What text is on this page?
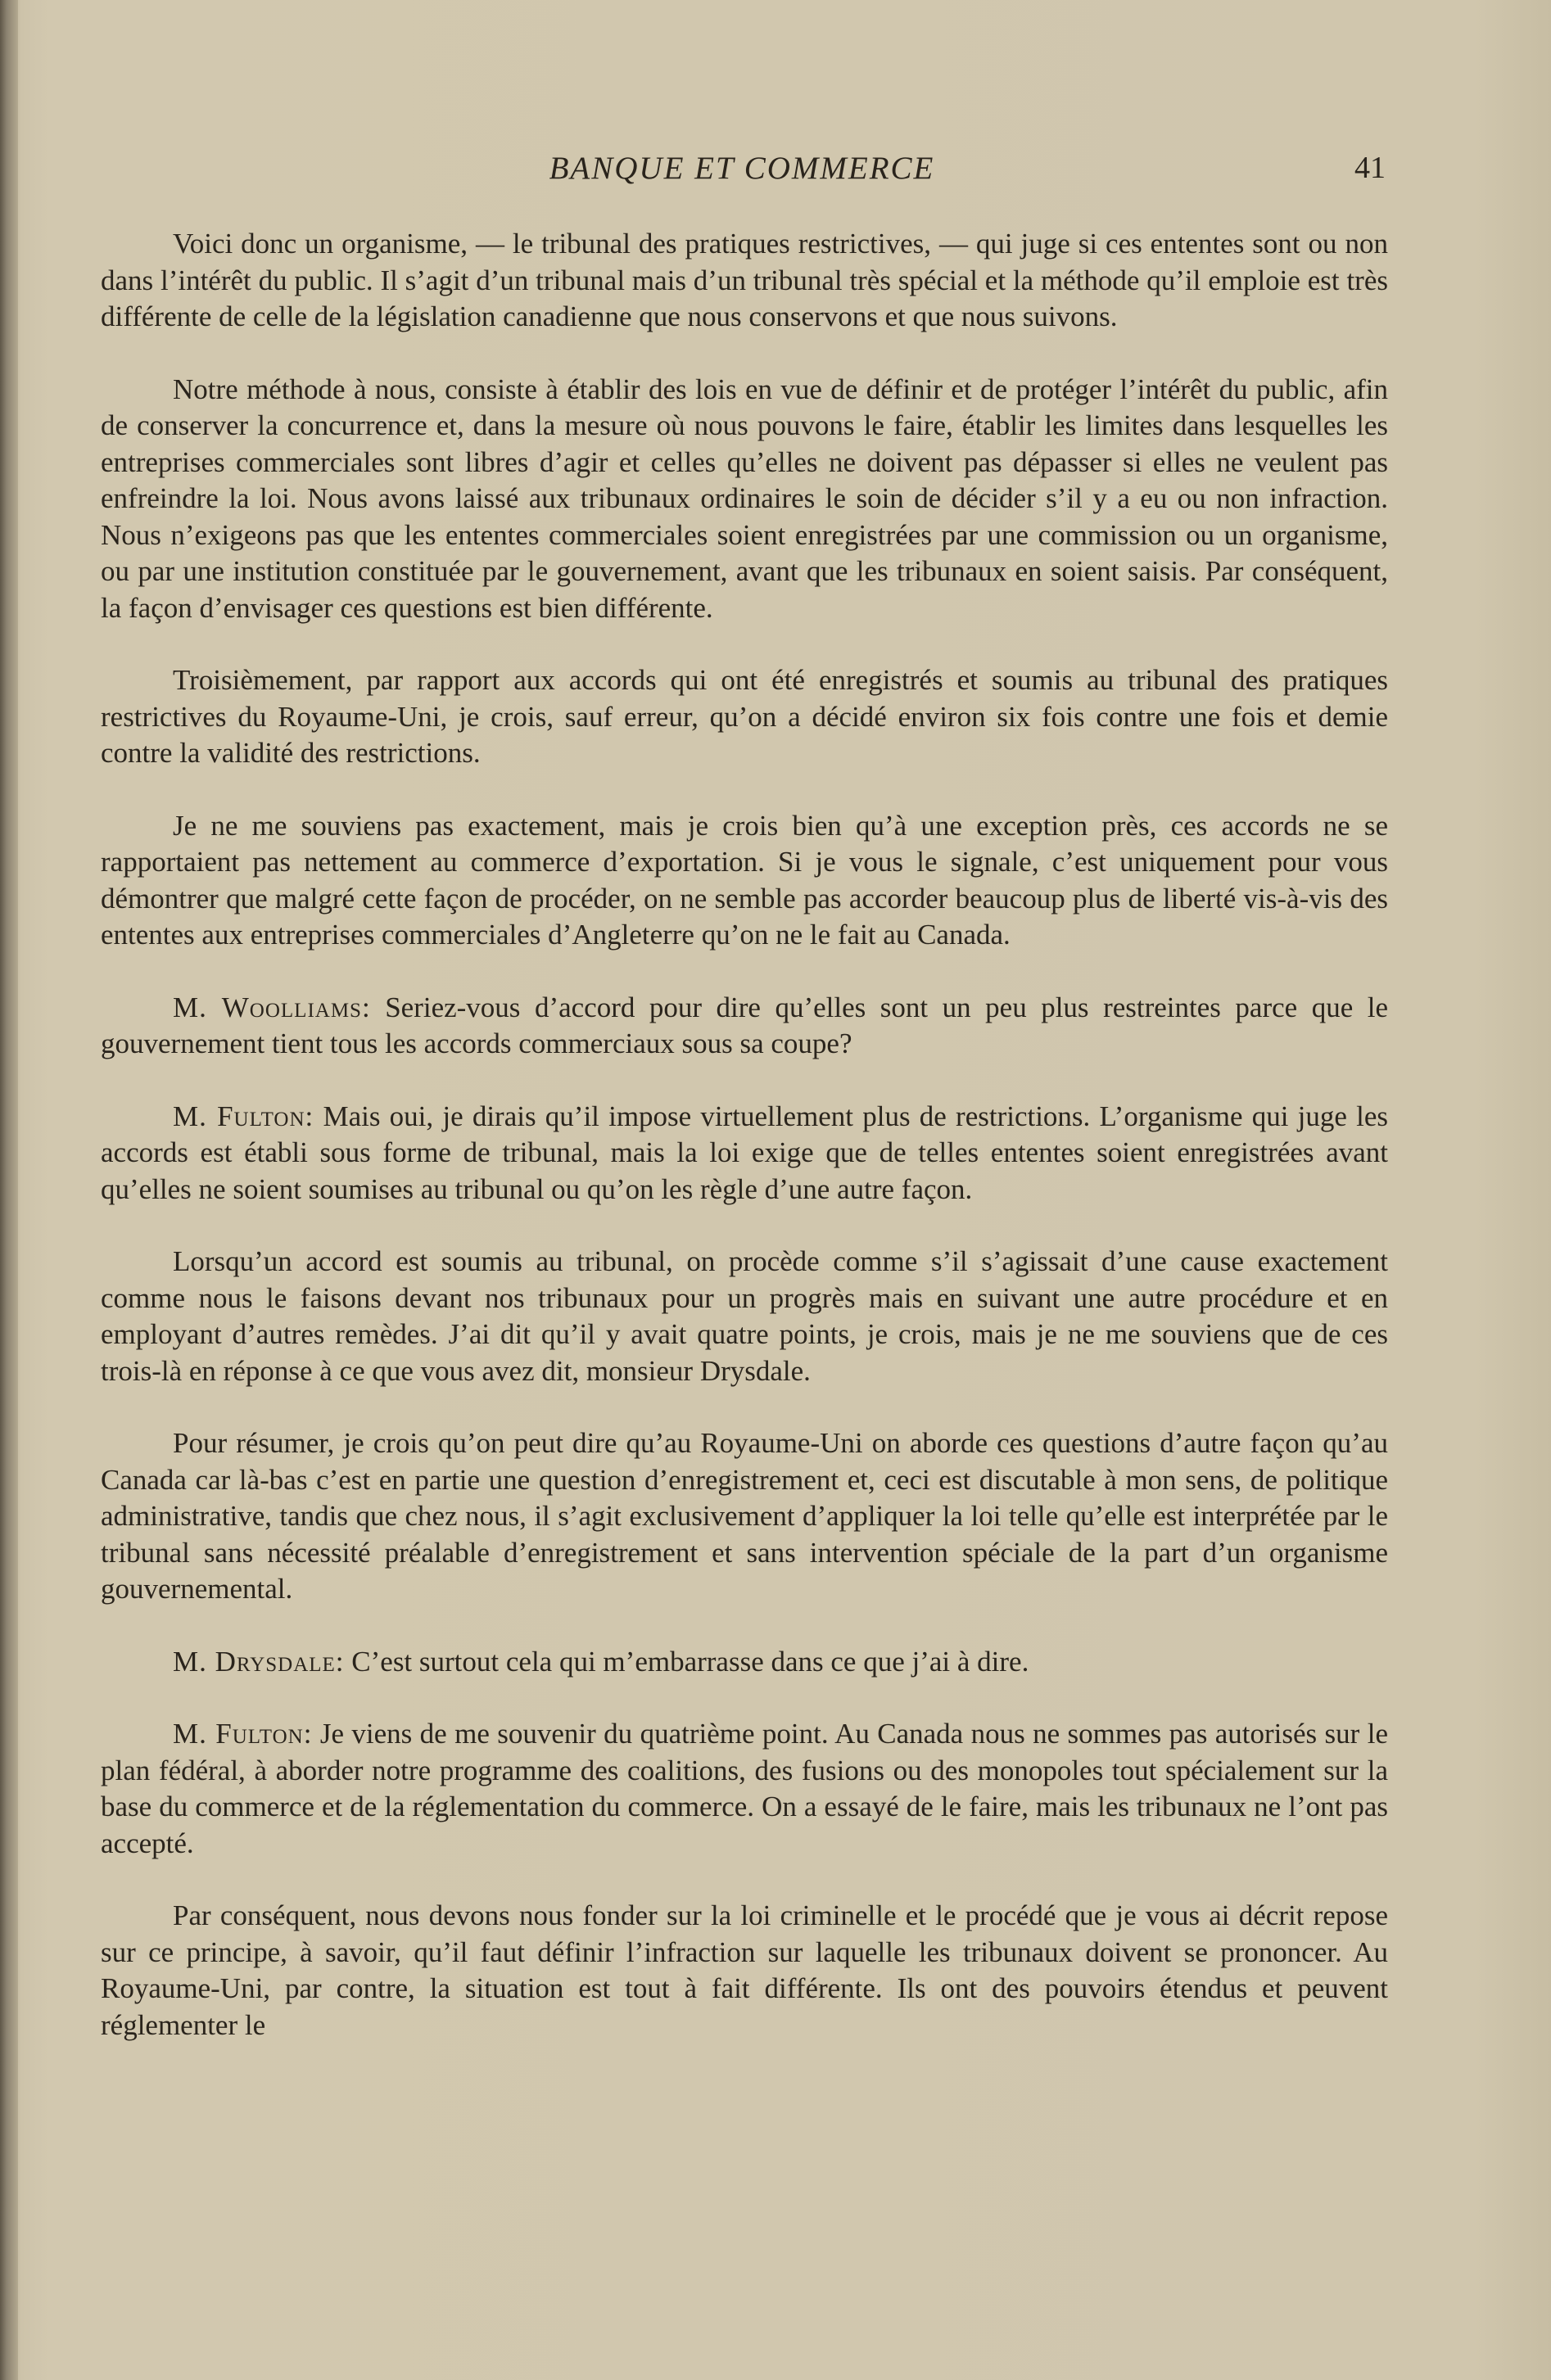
BANQUE ET COMMERCE	41

Voici donc un organisme, — le tribunal des pratiques restrictives, — qui juge si ces ententes sont ou non dans l’intérêt du public. Il s’agit d’un tribunal mais d’un tribunal très spécial et la méthode qu’il emploie est très différente de celle de la législation canadienne que nous conservons et que nous suivons.

Notre méthode à nous, consiste à établir des lois en vue de définir et de protéger l’intérêt du public, afin de conserver la concurrence et, dans la mesure où nous pouvons le faire, établir les limites dans lesquelles les entreprises commerciales sont libres d’agir et celles qu’elles ne doivent pas dépasser si elles ne veulent pas enfreindre la loi. Nous avons laissé aux tribunaux ordinaires le soin de décider s’il y a eu ou non infraction. Nous n’exigeons pas que les ententes commerciales soient enregistrées par une commission ou un organisme, ou par une institution constituée par le gouvernement, avant que les tribunaux en soient saisis. Par conséquent, la façon d’envisager ces questions est bien différente.

Troisièmement, par rapport aux accords qui ont été enregistrés et soumis au tribunal des pratiques restrictives du Royaume-Uni, je crois, sauf erreur, qu’on a décidé environ six fois contre une fois et demie contre la validité des restrictions.

Je ne me souviens pas exactement, mais je crois bien qu’à une exception près, ces accords ne se rapportaient pas nettement au commerce d’exportation. Si je vous le signale, c’est uniquement pour vous démontrer que malgré cette façon de procéder, on ne semble pas accorder beaucoup plus de liberté vis-à-vis des ententes aux entreprises commerciales d’Angleterre qu’on ne le fait au Canada.

M. Woolliams: Seriez-vous d’accord pour dire qu’elles sont un peu plus restreintes parce que le gouvernement tient tous les accords commerciaux sous sa coupe?

M. Fulton: Mais oui, je dirais qu’il impose virtuellement plus de restrictions. L’organisme qui juge les accords est établi sous forme de tribunal, mais la loi exige que de telles ententes soient enregistrées avant qu’elles ne soient soumises au tribunal ou qu’on les règle d’une autre façon.

Lorsqu’un accord est soumis au tribunal, on procède comme s’il s’agissait d’une cause exactement comme nous le faisons devant nos tribunaux pour un progrès mais en suivant une autre procédure et en employant d’autres remèdes. J’ai dit qu’il y avait quatre points, je crois, mais je ne me souviens que de ces trois-là en réponse à ce que vous avez dit, monsieur Drysdale.

Pour résumer, je crois qu’on peut dire qu’au Royaume-Uni on aborde ces questions d’autre façon qu’au Canada car là-bas c’est en partie une question d’enregistrement et, ceci est discutable à mon sens, de politique administrative, tandis que chez nous, il s’agit exclusivement d’appliquer la loi telle qu’elle est interprétée par le tribunal sans nécessité préalable d’enregistrement et sans intervention spéciale de la part d’un organisme gouvernemental.

M. Drysdale: C’est surtout cela qui m’embarrasse dans ce que j’ai à dire.

M. Fulton: Je viens de me souvenir du quatrième point. Au Canada nous ne sommes pas autorisés sur le plan fédéral, à aborder notre programme des coalitions, des fusions ou des monopoles tout spécialement sur la base du commerce et de la réglementation du commerce. On a essayé de le faire, mais les tribunaux ne l’ont pas accepté.

Par conséquent, nous devons nous fonder sur la loi criminelle et le procédé que je vous ai décrit repose sur ce principe, à savoir, qu’il faut définir l’infraction sur laquelle les tribunaux doivent se prononcer. Au Royaume-Uni, par contre, la situation est tout à fait différente. Ils ont des pouvoirs étendus et peuvent réglementer le
